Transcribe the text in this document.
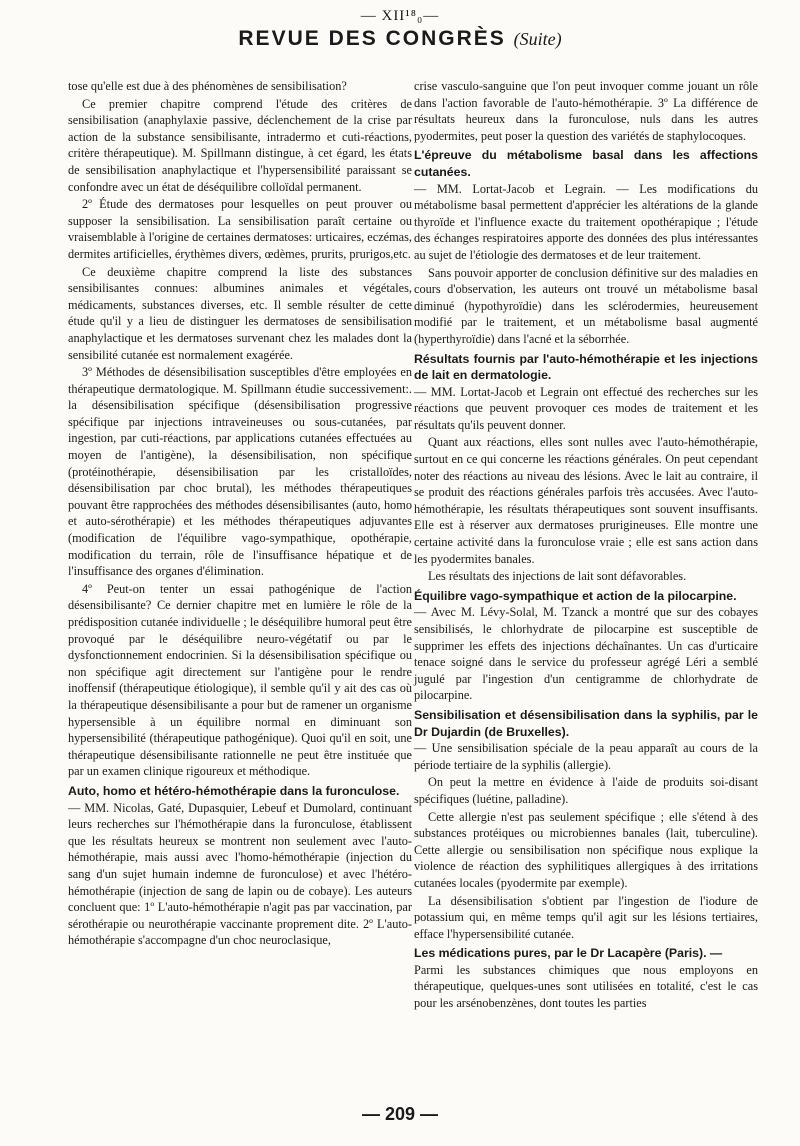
— XII¹⁸₀—
REVUE DES CONGRÈS (Suite)

tose qu'elle est due à des phénomènes de sensibilisation?

Ce premier chapitre comprend l'étude des critères de sensibilisation (anaphylaxie passive, déclenchement de la crise par action de la substance sensibilisante, intradermo et cuti-réactions, critère thérapeutique). M. Spillmann distingue, à cet égard, les états de sensibilisation anaphylactique et l'hypersensibilité paraissant se confondre avec un état de déséquilibre colloïdal permanent.

2º Étude des dermatoses pour lesquelles on peut prouver ou supposer la sensibilisation. La sensibilisation paraît certaine ou vraisemblable à l'origine de certaines dermatoses: urticaires, eczémas, dermites artificielles, érythèmes divers, œdèmes, prurits, prurigos,etc.

Ce deuxième chapitre comprend la liste des substances sensibilisantes connues: albumines animales et végétales, médicaments, substances diverses, etc. Il semble résulter de cette étude qu'il y a lieu de distinguer les dermatoses de sensibilisation anaphylactique et les dermatoses survenant chez les malades dont la sensibilité cutanée est normalement exagérée.

3º Méthodes de désensibilisation susceptibles d'être employées en thérapeutique dermatologique. M. Spillmann étudie successivement:. la désensibilisation spécifique (désensibilisation progressive spécifique par injections intraveineuses ou sous-cutanées, par ingestion, par cuti-réactions, par applications cutanées effectuées au moyen de l'antigène), la désensibilisation, non spécifique (protéinothérapie, désensibilisation par les cristalloïdes, désensibilisation par choc brutal), les méthodes thérapeutiques pouvant être rapprochées des méthodes désensibilisantes (auto, homo et auto-sérothérapie) et les méthodes thérapeutiques adjuvantes (modification de l'équilibre vago-sympathique, opothérapie, modification du terrain, rôle de l'insuffisance hépatique et de l'insuffisance des organes d'élimination.

4º Peut-on tenter un essai pathogénique de l'action désensibilisante? Ce dernier chapitre met en lumière le rôle de la prédisposition cutanée individuelle ; le déséquilibre humoral peut être provoqué par le déséquilibre neuro-végétatif ou par le dysfonctionnement endocrinien. Si la désensibilisation spécifique ou non spécifique agit directement sur l'antigène pour le rendre inoffensif (thérapeutique étiologique), il semble qu'il y ait des cas où la thérapeutique désensibilisante a pour but de ramener un organisme hypersensible à un équilibre normal en diminuant son hypersensibilité (thérapeutique pathogénique). Quoi qu'il en soit, une thérapeutique désensibilisante rationnelle ne peut être instituée que par un examen clinique rigoureux et méthodique.

Auto, homo et hétéro-hémothérapie dans la furonculose.

— MM. Nicolas, Gaté, Dupasquier, Lebeuf et Dumolard, continuant leurs recherches sur l'hémothérapie dans la furonculose, établissent que les résultats heureux se montrent non seulement avec l'auto-hémothérapie, mais aussi avec l'homo-hémothérapie (injection du sang d'un sujet humain indemne de furonculose) et avec l'hétéro-hémothérapie (injection de sang de lapin ou de cobaye). Les auteurs concluent que: 1º L'auto-hémothérapie n'agit pas par vaccination, par sérothérapie ou neurothérapie vaccinante proprement dite. 2º L'auto-hémothérapie s'accompagne d'un choc neuroclasique,

crise vasculo-sanguine que l'on peut invoquer comme jouant un rôle dans l'action favorable de l'auto-hémothérapie. 3º La différence de résultats heureux dans la furonculose, nuls dans les autres pyodermites, peut poser la question des variétés de staphylocoques.

L'épreuve du métabolisme basal dans les affections cutanées.

— MM. Lortat-Jacob et Legrain. — Les modifications du métabolisme basal permettent d'apprécier les altérations de la glande thyroïde et l'influence exacte du traitement opothérapique ; l'étude des échanges respiratoires apporte des données des plus intéressantes au sujet de l'étiologie des dermatoses et de leur traitement.

Sans pouvoir apporter de conclusion définitive sur des maladies en cours d'observation, les auteurs ont trouvé un métabolisme basal diminué (hypothyroïdie) dans les sclérodermies, heureusement modifié par le traitement, et un métabolisme basal augmenté (hyperthyroïdie) dans l'acné et la séborrhée.

Résultats fournis par l'auto-hémothérapie et les injections de lait en dermatologie.

— MM. Lortat-Jacob et Legrain ont effectué des recherches sur les réactions que peuvent provoquer ces modes de traitement et les résultats qu'ils peuvent donner.

Quant aux réactions, elles sont nulles avec l'auto-hémothérapie, surtout en ce qui concerne les réactions générales. On peut cependant noter des réactions au niveau des lésions. Avec le lait au contraire, il se produit des réactions générales parfois très accusées. Avec l'auto-hémothérapie, les résultats thérapeutiques sont souvent insuffisants. Elle est à réserver aux dermatoses prurigineuses. Elle montre une certaine activité dans la furonculose vraie ; elle est sans action dans les pyodermites banales.

Les résultats des injections de lait sont défavorables.

Équilibre vago-sympathique et action de la pilocarpine.

— Avec M. Lévy-Solal, M. Tzanck a montré que sur des cobayes sensibilisés, le chlorhydrate de pilocarpine est susceptible de supprimer les effets des injections déchaînantes. Un cas d'urticaire tenace soigné dans le service du professeur agrégé Léri a semblé jugulé par l'ingestion d'un centigramme de chlorhydrate de pilocarpine.

Sensibilisation et désensibilisation dans la syphilis, par le Dr Dujardin (de Bruxelles).

— Une sensibilisation spéciale de la peau apparaît au cours de la période tertiaire de la syphilis (allergie).

On peut la mettre en évidence à l'aide de produits soi-disant spécifiques (luétine, palladine).

Cette allergie n'est pas seulement spécifique ; elle s'étend à des substances protéiques ou microbiennes banales (lait, tuberculine). Cette allergie ou sensibilisation non spécifique nous explique la violence de réaction des syphilitiques allergiques à des irritations cutanées locales (pyodermite par exemple).

La désensibilisation s'obtient par l'ingestion de l'iodure de potassium qui, en même temps qu'il agit sur les lésions tertiaires, efface l'hypersensibilité cutanée.

Les médications pures, par le Dr Lacapère (Paris). —

Parmi les substances chimiques que nous employons en thérapeutique, quelques-unes sont utilisées en totalité, c'est le cas pour les arsénobenzènes, dont toutes les parties

— 209 —
